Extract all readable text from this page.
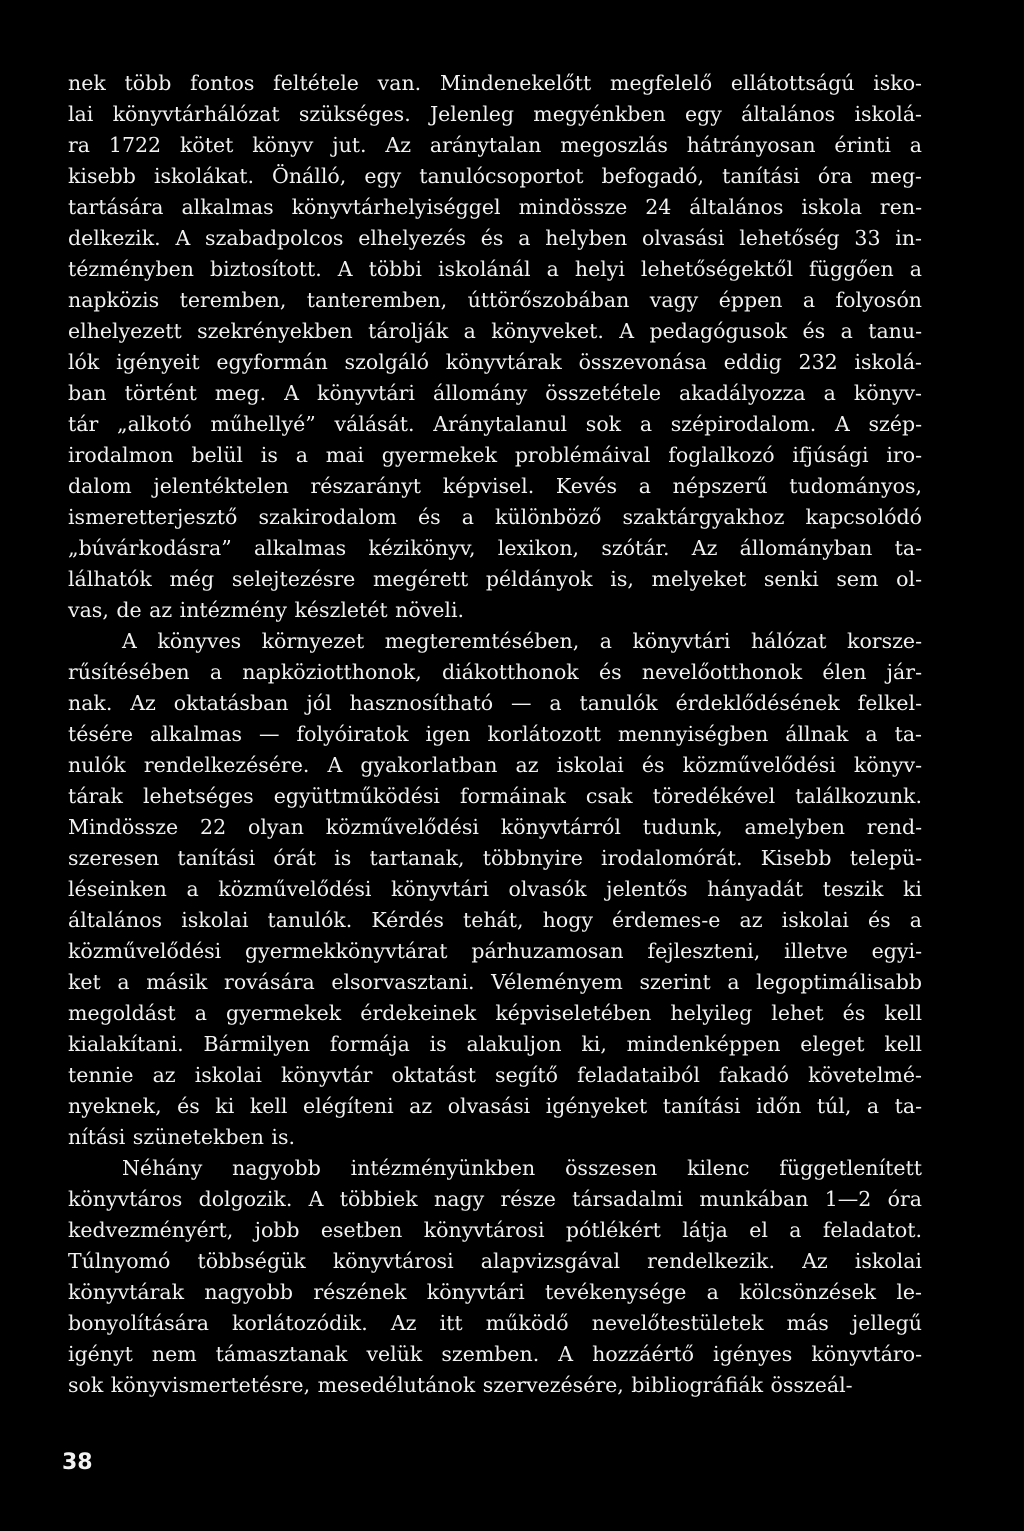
nek több fontos feltétele van. Mindenekelőtt megfelelő ellátottságú isko-
lai könyvtárhálózat szükséges. Jelenleg megyénkben egy általános iskolá-
ra 1722 kötet könyv jut. Az aránytalan megoszlás hátrányosan érinti a
kisebb iskolákat. Önálló, egy tanulócsoportot befogadó, tanítási óra meg-
tartására alkalmas könyvtárhelyiséggel mindössze 24 általános iskola ren-
delkezik. A szabadpolcos elhelyezés és a helyben olvasási lehetőség 33 in-
tézményben biztosított. A többi iskolánál a helyi lehetőségektől függően a
napközis teremben, tanteremben, úttörőszobában vagy éppen a folyosón
elhelyezett szekrényekben tárolják a könyveket. A pedagógusok és a tanu-
lók igényeit egyformán szolgáló könyvtárak összevonása eddig 232 iskolá-
ban történt meg. A könyvtári állomány összetétele akadályozza a könyv-
tár „alkotó műhellyé” válását. Aránytalanul sok a szépirodalom. A szép-
irodalmon belül is a mai gyermekek problémáival foglalkozó ifjúsági iro-
dalom jelentéktelen részarányt képvisel. Kevés a népszerű tudományos,
ismeretterjesztő szakirodalom és a különböző szaktárgyakhoz kapcsolódó
„búvárkodásra” alkalmas kézikönyv, lexikon, szótár. Az állományban ta-
lálhatók még selejtezésre megérett példányok is, melyeket senki sem ol-
vas, de az intézmény készletét növeli.
A könyves környezet megteremtésében, a könyvtári hálózat korsze-
rűsítésében a napköziotthonok, diákotthonok és nevelőotthonok élen jár-
nak. Az oktatásban jól hasznosítható — a tanulók érdeklődésének felkel-
tésére alkalmas — folyóiratok igen korlátozott mennyiségben állnak a ta-
nulók rendelkezésére. A gyakorlatban az iskolai és közművelődési könyv-
tárak lehetséges együttműködési formáinak csak töredékével találkozunk.
Mindössze 22 olyan közművelődési könyvtárról tudunk, amelyben rend-
szeresen tanítási órát is tartanak, többnyire irodalomórát. Kisebb telepü-
léseinken a közművelődési könyvtári olvasók jelentős hányadát teszik ki
általános iskolai tanulók. Kérdés tehát, hogy érdemes-e az iskolai és a
közművelődési gyermekkönyvtárat párhuzamosan fejleszteni, illetve egyi-
ket a másik rovására elsorvasztani. Véleményem szerint a legoptimálisabb
megoldást a gyermekek érdekeinek képviseletében helyileg lehet és kell
kialakítani. Bármilyen formája is alakuljon ki, mindenképpen eleget kell
tennie az iskolai könyvtár oktatást segítő feladataiból fakadó követelmé-
nyeknek, és ki kell elégíteni az olvasási igényeket tanítási időn túl, a ta-
nítási szünetekben is.
Néhány nagyobb intézményünkben összesen kilenc függetlenített
könyvtáros dolgozik. A többiek nagy része társadalmi munkában 1—2 óra
kedvezményért, jobb esetben könyvtárosi pótlékért látja el a feladatot.
Túlnyomó többségük könyvtárosi alapvizsgával rendelkezik. Az iskolai
könyvtárak nagyobb részének könyvtári tevékenysége a kölcsönzések le-
bonyolítására korlátozódik. Az itt működő nevelőtestületek más jellegű
igényt nem támasztanak velük szemben. A hozzáértő igényes könyvtáro-
sok könyvismertetésre, mesedélutánok szervezésére, bibliográfiák összeál-
38
